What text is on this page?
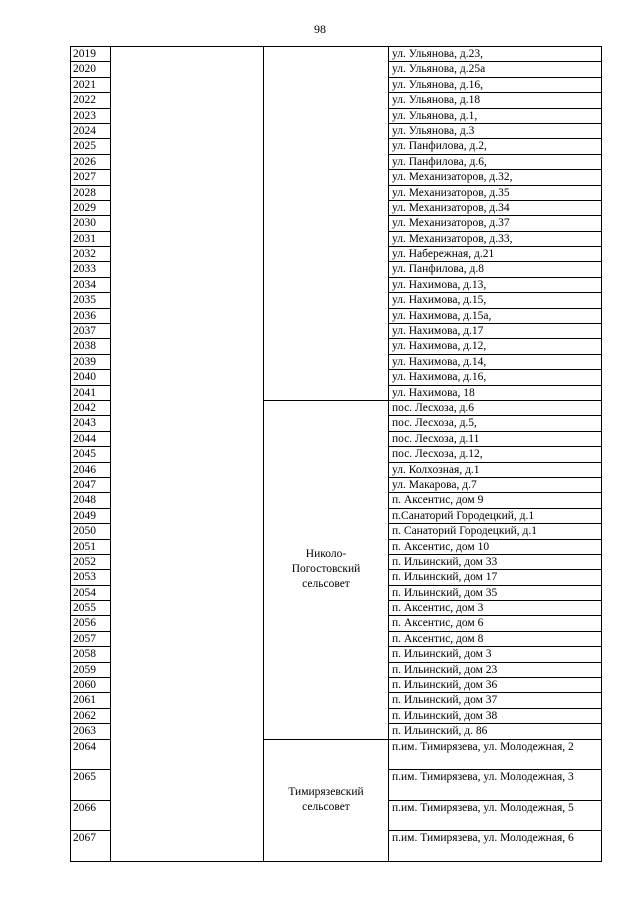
98
2019			ул. Ульянова, д.23,
2020			ул. Ульянова, д.25а
2021			ул. Ульянова, д.16,
2022			ул. Ульянова, д.18
2023			ул. Ульянова, д.1,
2024			ул. Ульянова, д.3
2025			ул. Панфилова, д.2,
2026			ул. Панфилова, д.6,
2027			ул. Механизаторов, д.32,
2028			ул. Механизаторов, д.35
2029			ул. Механизаторов, д.34
2030			ул. Механизаторов, д.37
2031			ул. Механизаторов, д.33,
2032			ул. Набережная, д.21
2033			ул. Панфилова, д.8
2034			ул. Нахимова, д.13,
2035			ул. Нахимова, д.15,
2036			ул. Нахимова, д.15а,
2037			ул. Нахимова, д.17
2038			ул. Нахимова, д.12,
2039			ул. Нахимова, д.14,
2040			ул. Нахимова, д.16,
2041			ул. Нахимова, 18
2042		Николо-
Погостовский
сельсовет	пос. Лесхоза, д.6
2043			пос. Лесхоза, д.5,
2044			пос. Лесхоза, д.11
2045			пос. Лесхоза, д.12,
2046			ул. Колхозная, д.1
2047			ул. Макарова, д.7
2048			п. Аксентис, дом 9
2049			п.Санаторий Городецкий, д.1
2050			п. Санаторий Городецкий, д.1
2051			п. Аксентис, дом 10
2052			п. Ильинский, дом 33
2053			п. Ильинский, дом 17
2054			п. Ильинский, дом 35
2055			п. Аксентис, дом 3
2056			п. Аксентис, дом 6
2057			п. Аксентис, дом 8
2058			п. Ильинский, дом 3
2059			п. Ильинский, дом 23
2060			п. Ильинский, дом 36
2061			п. Ильинский, дом 37
2062			п. Ильинский, дом 38
2063			п. Ильинский, д. 86
2064		Тимирязевский
сельсовет	п.им. Тимирязева, ул. Молодежная, 2
2065			п.им. Тимирязева, ул. Молодежная, 3
2066			п.им. Тимирязева, ул. Молодежная, 5
2067			п.им. Тимирязева, ул. Молодежная, 6
